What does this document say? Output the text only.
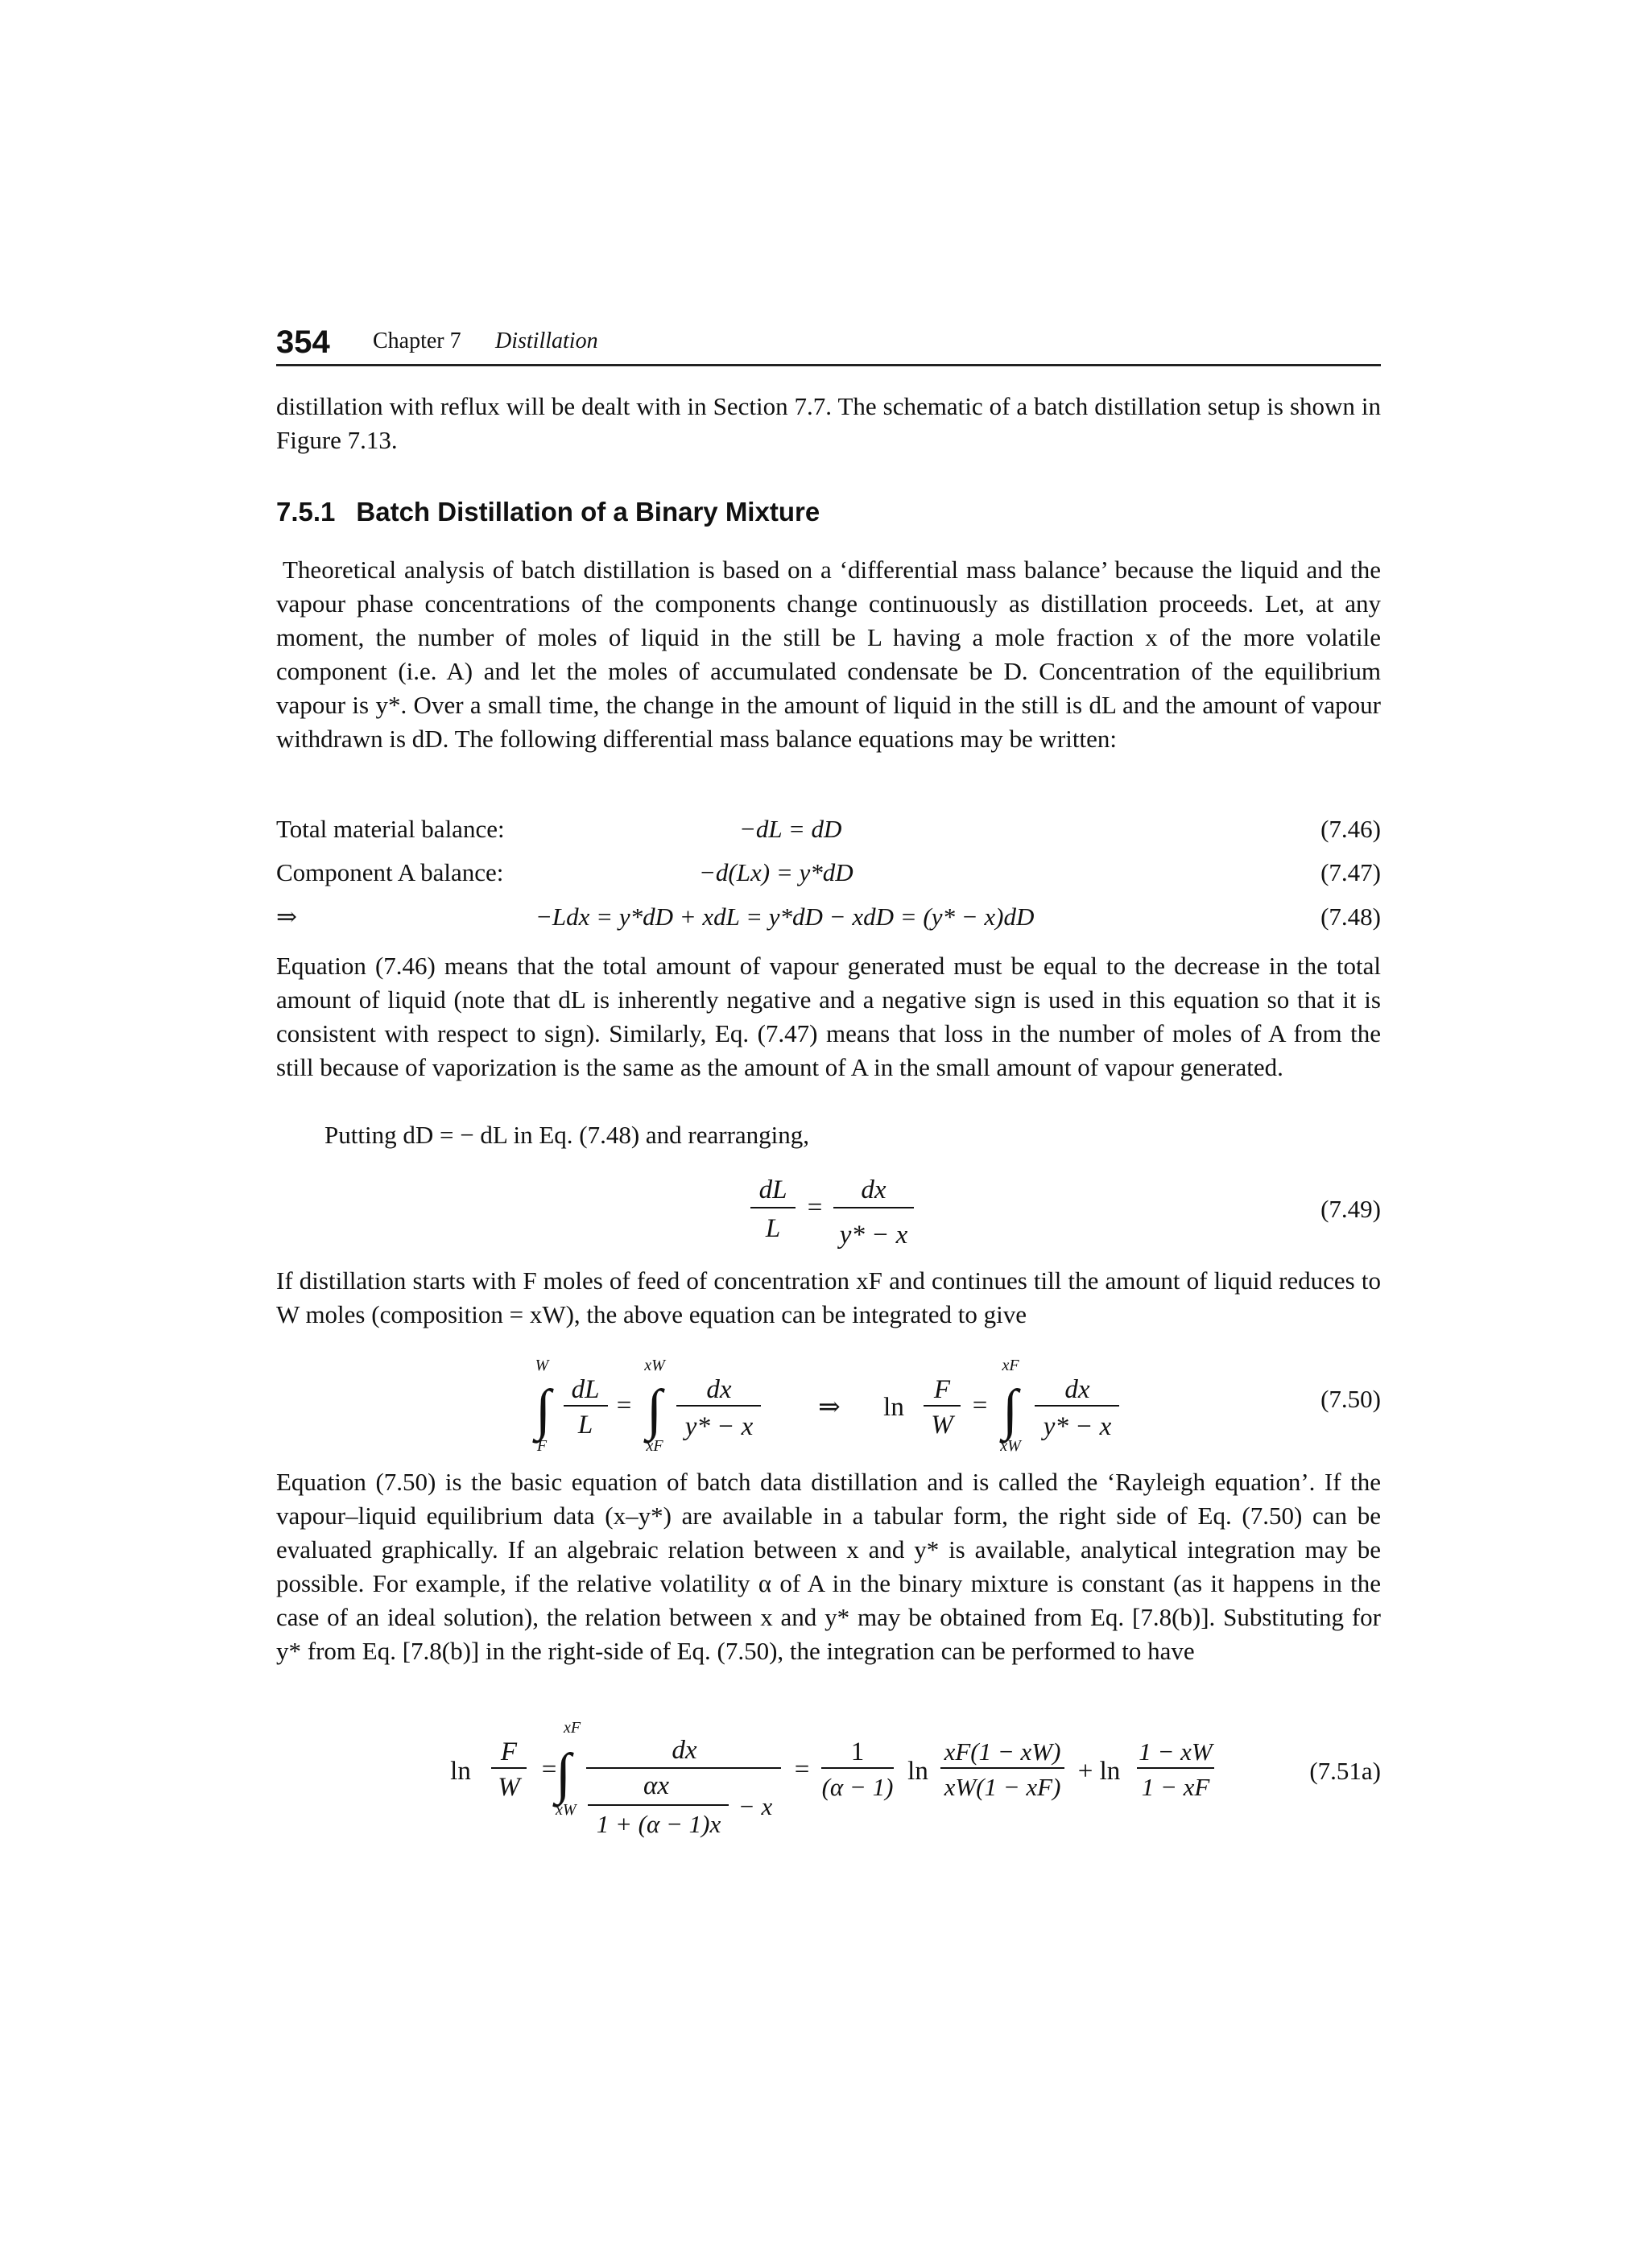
354 Chapter 7 Distillation

distillation with reflux will be dealt with in Section 7.7. The schematic of a batch distillation setup is shown in Figure 7.13.

7.5.1 Batch Distillation of a Binary Mixture

Theoretical analysis of batch distillation is based on a ‘differential mass balance’ because the liquid and the vapour phase concentrations of the components change continuously as distillation proceeds. Let, at any moment, the number of moles of liquid in the still be L having a mole fraction x of the more volatile component (i.e. A) and let the moles of accumulated condensate be D. Concentration of the equilibrium vapour is y*. Over a small time, the change in the amount of liquid in the still is dL and the amount of vapour withdrawn is dD. The following differential mass balance equations may be written:

Total material balance:	−dL = dD	(7.46)
Component A balance:	−d(Lx) = y*dD	(7.47)
⇒	−Ldx = y*dD + xdL = y*dD − xdD = (y* − x)dD	(7.48)

Equation (7.46) means that the total amount of vapour generated must be equal to the decrease in the total amount of liquid (note that dL is inherently negative and a negative sign is used in this equation so that it is consistent with respect to sign). Similarly, Eq. (7.47) means that loss in the number of moles of A from the still because of vaporization is the same as the amount of A in the small amount of vapour generated.

Putting dD = − dL in Eq. (7.48) and rearranging,

dL
L
=
dx
y* − x
(7.49)

If distillation starts with F moles of feed of concentration xF and continues till the amount of liquid reduces to W moles (composition = xW), the above equation can be integrated to give

W
∫
F
dL
L
=
xW
∫
xF
dx
y* − x
⇒ ln
F
W
=
xF
∫
xW
dx
y* − x
(7.50)

Equation (7.50) is the basic equation of batch data distillation and is called the ‘Rayleigh equation’. If the vapour–liquid equilibrium data (x–y*) are available in a tabular form, the right side of Eq. (7.50) can be evaluated graphically. If an algebraic relation between x and y* is available, analytical integration may be possible. For example, if the relative volatility α of A in the binary mixture is constant (as it happens in the case of an ideal solution), the relation between x and y* may be obtained from Eq. [7.8(b)]. Substituting for y* from Eq. [7.8(b)] in the right-side of Eq. (7.50), the integration can be performed to have

ln
F
W
=
xF
∫
xW
dx
αx
1 + (α − 1)x
− x
=
1
(α − 1)
ln
xF(1 − xW)
xW(1 − xF)
+ ln
1 − xW
1 − xF
(7.51a)
